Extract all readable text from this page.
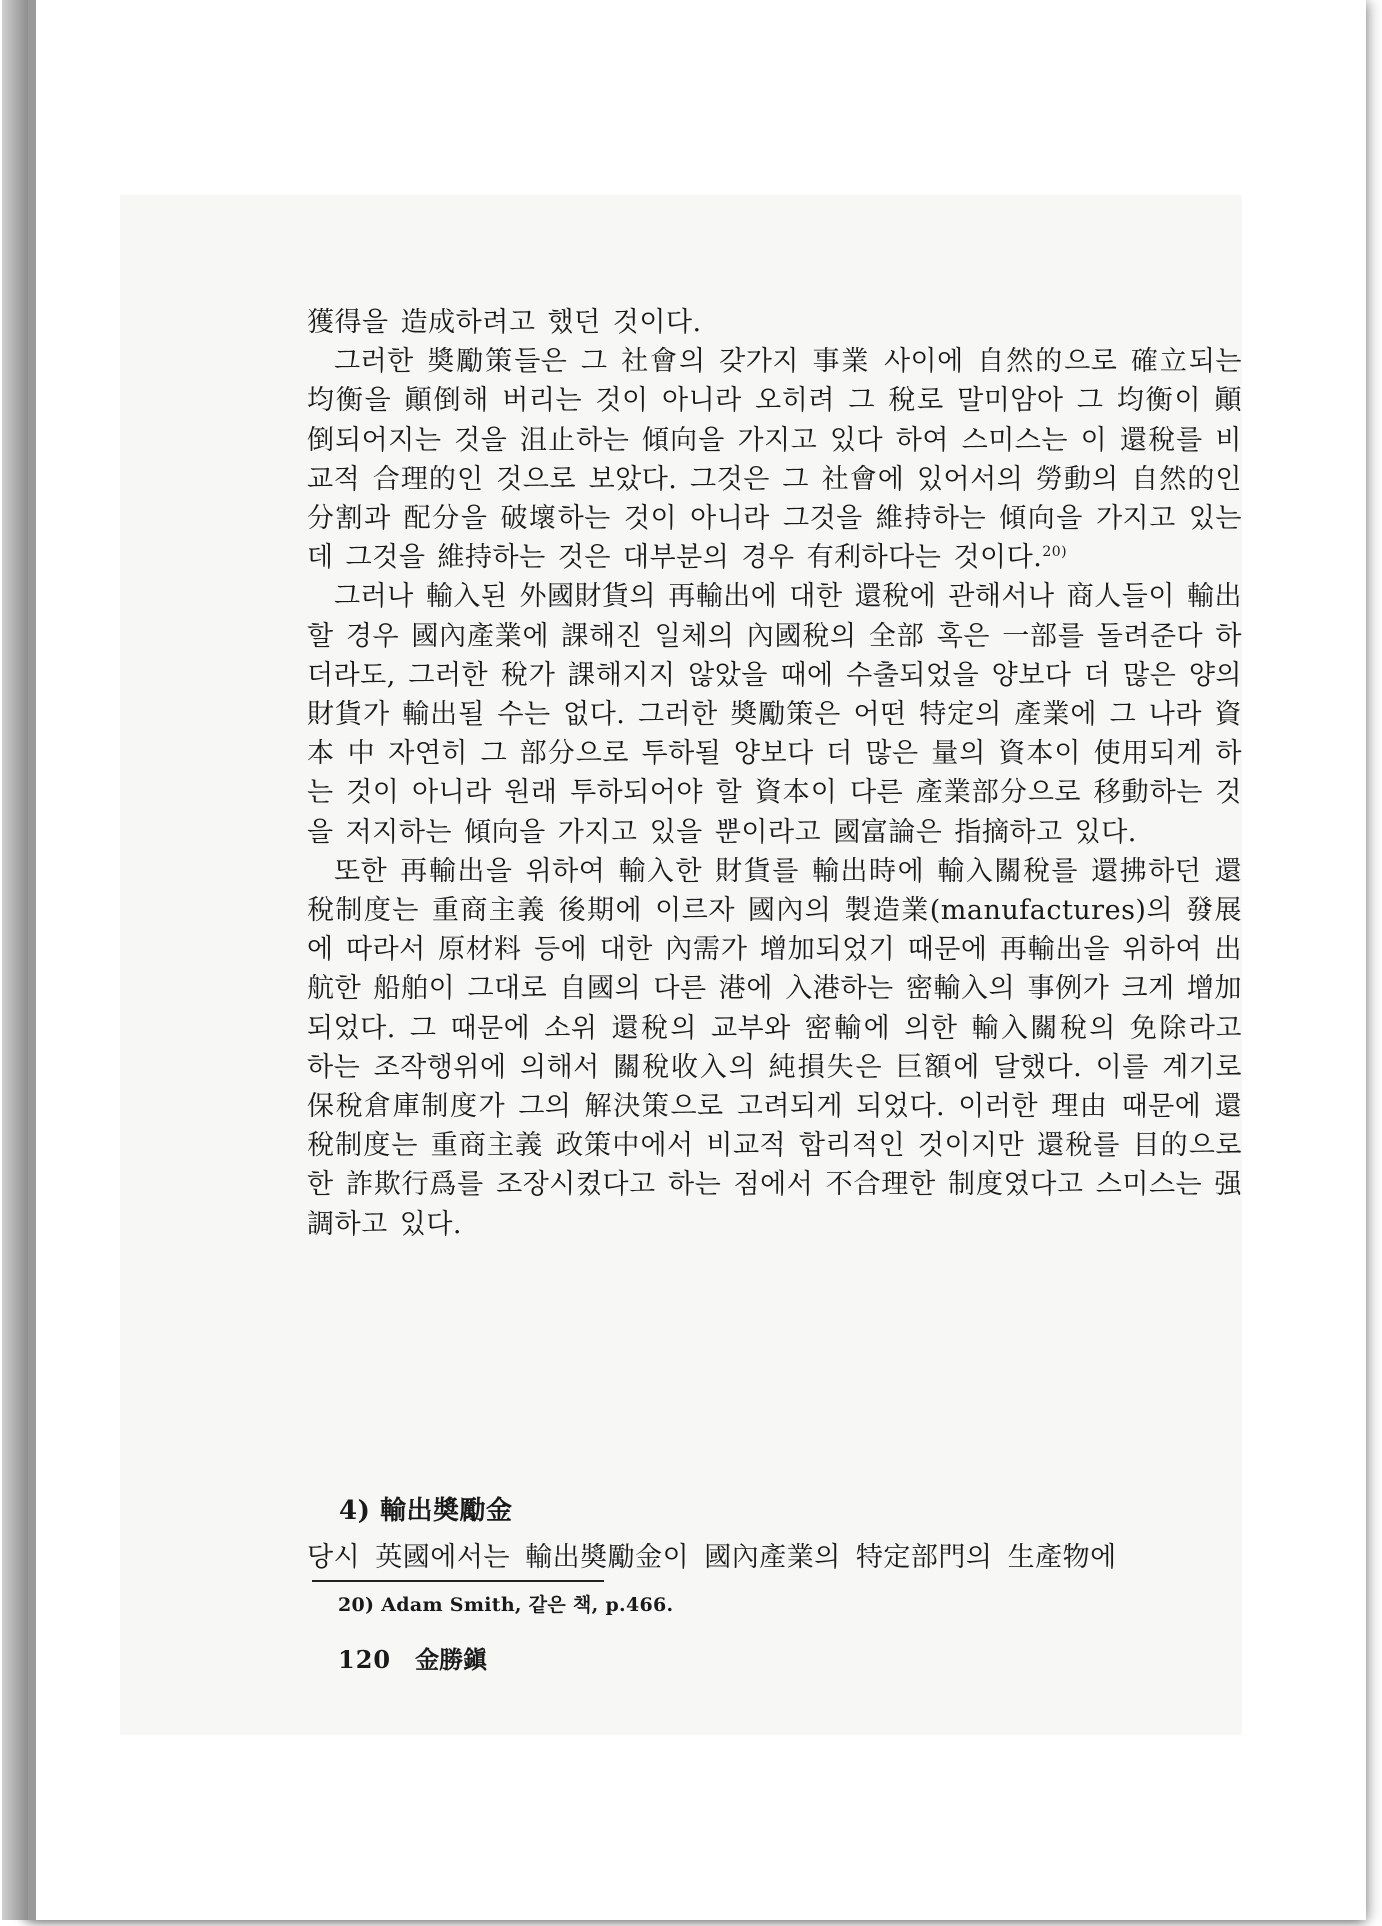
獲得을 造成하려고 했던 것이다.

그러한 奬勵策들은 그 社會의 갖가지 事業 사이에 自然的으로 確立되는 均衡을 顚倒해 버리는 것이 아니라 오히려 그 稅로 말미암아 그 均衡이 顚倒되어지는 것을 沮止하는 傾向을 가지고 있다 하여 스미스는 이 還稅를 비교적 合理的인 것으로 보았다. 그것은 그 社會에 있어서의 勞動의 自然的인 分割과 配分을 破壞하는 것이 아니라 그것을 維持하는 傾向을 가지고 있는데 그것을 維持하는 것은 대부분의 경우 有利하다는 것이다.$^{20)}$

그러나 輸入된 外國財貨의 再輸出에 대한 還稅에 관해서나 商人들이 輸出할 경우 國內產業에 課해진 일체의 內國稅의 全部 혹은 一部를 돌려준다 하더라도, 그러한 稅가 課해지지 않았을 때에 수출되었을 양보다 더 많은 양의 財貨가 輸出될 수는 없다. 그러한 奬勵策은 어떤 特定의 產業에 그 나라 資本 中 자연히 그 部分으로 투하될 양보다 더 많은 量의 資本이 使用되게 하는 것이 아니라 원래 투하되어야 할 資本이 다른 產業部分으로 移動하는 것을 저지하는 傾向을 가지고 있을 뿐이라고 國富論은 指摘하고 있다.

또한 再輸出을 위하여 輸入한 財貨를 輸出時에 輸入關稅를 還拂하던 還稅制度는 重商主義 後期에 이르자 國內의 製造業(manufactures)의 發展에 따라서 原材料 등에 대한 內需가 增加되었기 때문에 再輸出을 위하여 出航한 船舶이 그대로 自國의 다른 港에 入港하는 密輸入의 事例가 크게 增加되었다. 그 때문에 소위 還稅의 교부와 密輸에 의한 輸入關稅의 免除라고 하는 조작행위에 의해서 關稅收入의 純損失은 巨額에 달했다. 이를 계기로 保稅倉庫制度가 그의 解決策으로 고려되게 되었다. 이러한 理由 때문에 還稅制度는 重商主義 政策中에서 비교적 합리적인 것이지만 還稅를 目的으로 한 詐欺行爲를 조장시켰다고 하는 점에서 不合理한 制度였다고 스미스는 强調하고 있다.

4) 輸出奬勵金
당시 英國에서는 輸出奬勵金이 國內產業의 特定部門의 生產物에
20) Adam Smith, 같은 책, p.466.
120 金勝鎭
